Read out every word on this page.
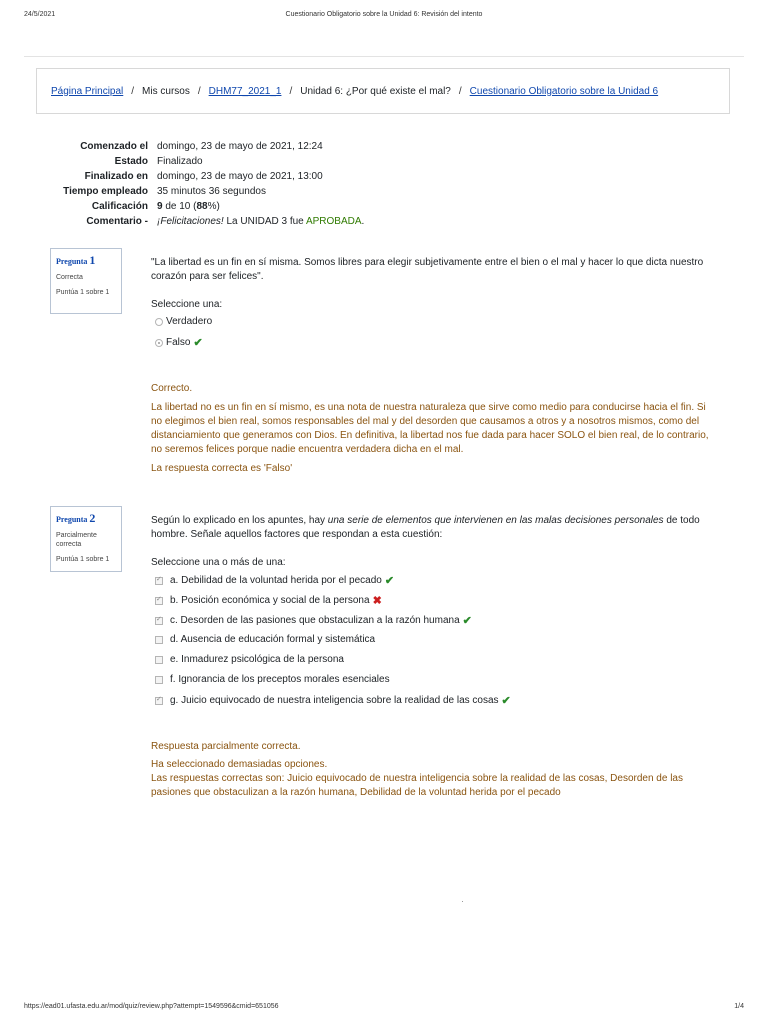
24/5/2021	Cuestionario Obligatorio sobre la Unidad 6: Revisión del intento
Página Principal / Mis cursos / DHM77_2021_1 / Unidad 6: ¿Por qué existe el mal? / Cuestionario Obligatorio sobre la Unidad 6
Comenzado el	domingo, 23 de mayo de 2021, 12:24
Estado	Finalizado
Finalizado en	domingo, 23 de mayo de 2021, 13:00
Tiempo empleado	35 minutos 36 segundos
Calificación	9 de 10 (88%)
Comentario -	¡Felicitaciones! La UNIDAD 3 fue APROBADA.
Pregunta 1
Correcta
Puntúa 1 sobre 1
"La libertad es un fin en sí misma. Somos libres para elegir subjetivamente entre el bien o el mal y hacer lo que dicta nuestro corazón para ser felices".
Seleccione una:
Verdadero
Falso ✔
Correcto.
La libertad no es un fin en sí mismo, es una nota de nuestra naturaleza que sirve como medio para conducirse hacia el fin. Si no elegimos el bien real, somos responsables del mal y del desorden que causamos a otros y a nosotros mismos, como del distanciamiento que generamos con Dios. En definitiva, la libertad nos fue dada para hacer SOLO el bien real, de lo contrario, no seremos felices porque nadie encuentra verdadera dicha en el mal.
La respuesta correcta es 'Falso'
Pregunta 2
Parcialmente correcta
Puntúa 1 sobre 1
Según lo explicado en los apuntes, hay una serie de elementos que intervienen en las malas decisiones personales de todo hombre. Señale aquellos factores que respondan a esta cuestión:
Seleccione una o más de una:
✓
a. Debilidad de la voluntad herida por el pecado ✔
✓
b. Posición económica y social de la persona ✖
✓
c. Desorden de las pasiones que obstaculizan a la razón humana ✔
d. Ausencia de educación formal y sistemática
e. Inmadurez psicológica de la persona
f. Ignorancia de los preceptos morales esenciales
✓
g. Juicio equivocado de nuestra inteligencia sobre la realidad de las cosas ✔
Respuesta parcialmente correcta.
Ha seleccionado demasiadas opciones.
Las respuestas correctas son: Juicio equivocado de nuestra inteligencia sobre la realidad de las cosas, Desorden de las pasiones que obstaculizan a la razón humana, Debilidad de la voluntad herida por el pecado
https://ead01.ufasta.edu.ar/mod/quiz/review.php?attempt=1549596&cmid=651056	1/4
